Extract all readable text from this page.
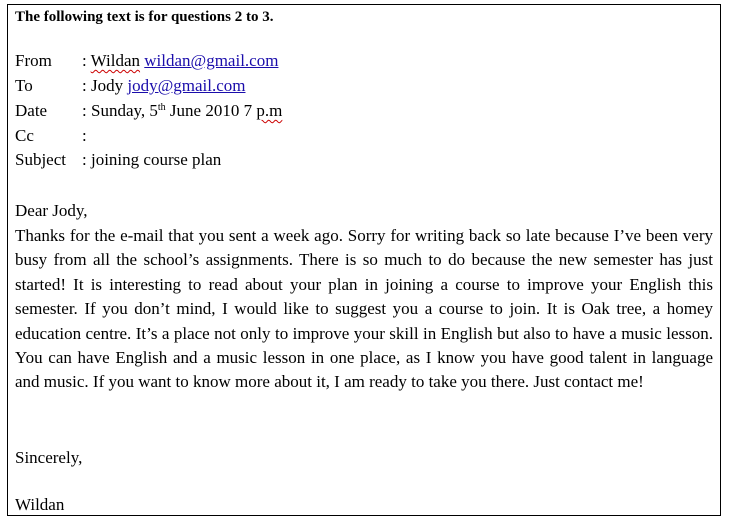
The following text is for questions 2 to 3.
From : Wildan wildan@gmail.com
To	: Jody jody@gmail.com
Date : Sunday, 5th June 2010 7 p.m
Cc	:
Subject : joining course plan
Dear Jody,
Thanks for the e-mail that you sent a week ago. Sorry for writing back so late because I’ve been very busy from all the school’s assignments. There is so much to do because the new semester has just started! It is interesting to read about your plan in joining a course to improve your English this semester. If you don’t mind, I would like to suggest you a course to join. It is Oak tree, a homey education centre. It’s a place not only to improve your skill in English but also to have a music lesson. You can have English and a music lesson in one place, as I know you have good talent in language and music. If you want to know more about it, I am ready to take you there. Just contact me!
Sincerely,
Wildan
